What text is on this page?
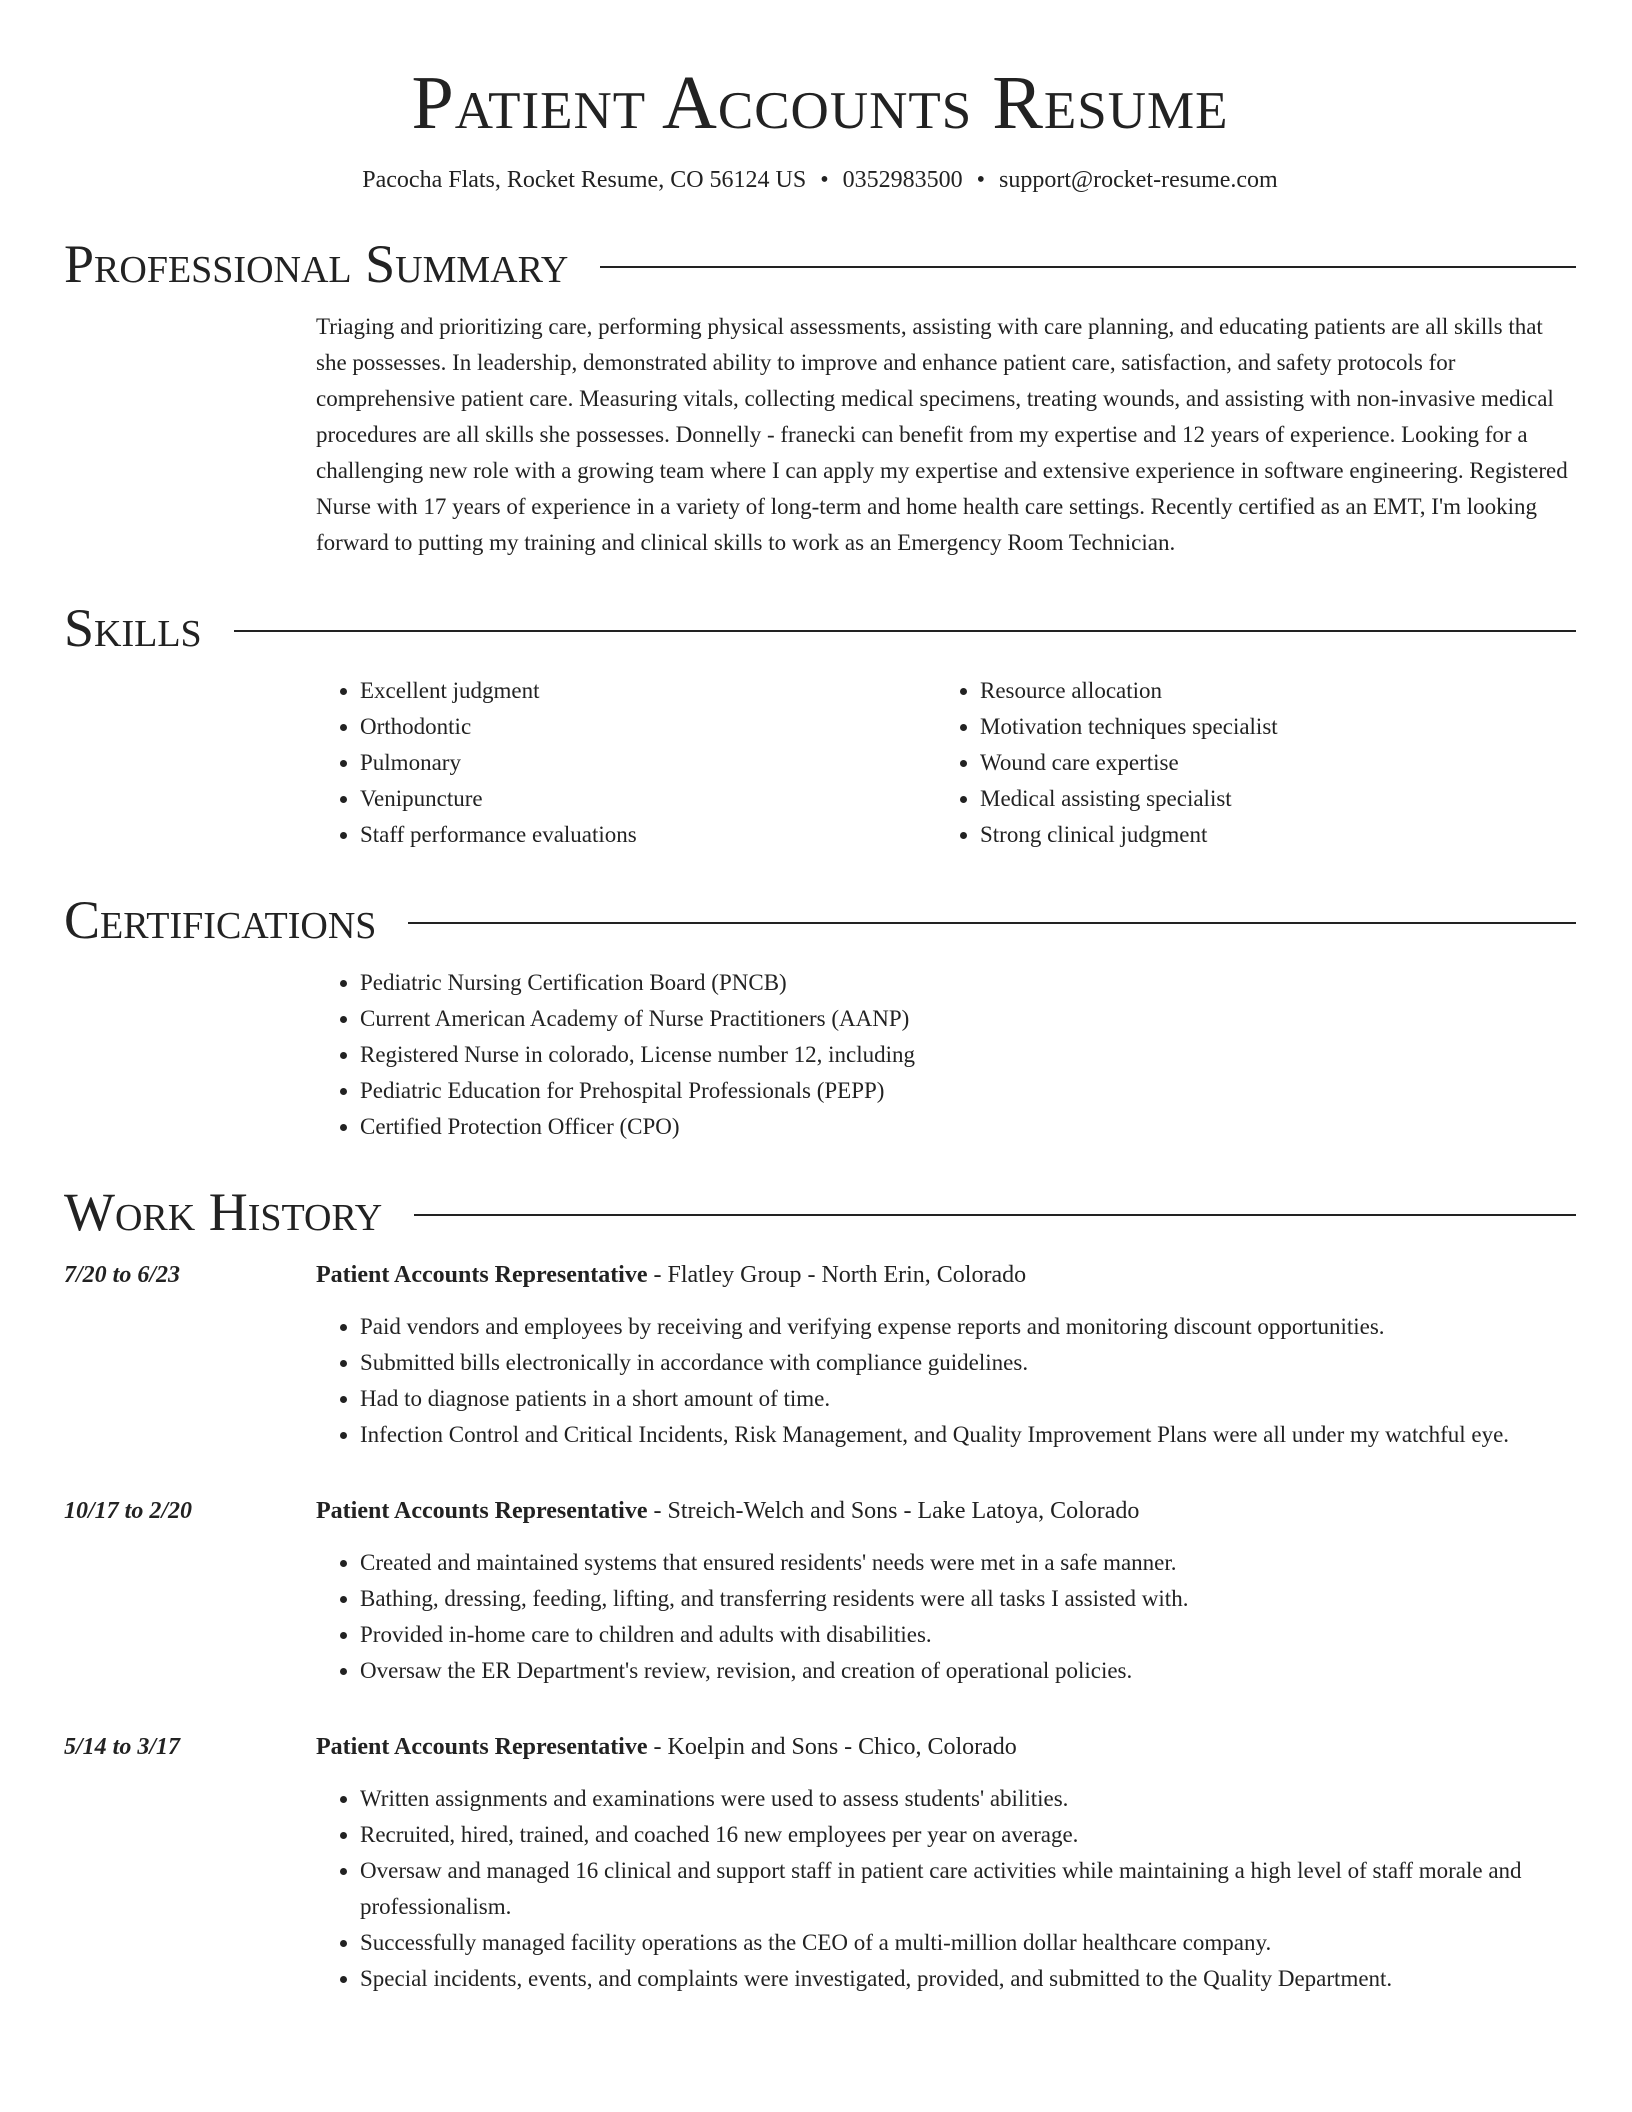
Patient Accounts Resume
Pacocha Flats, Rocket Resume, CO 56124 US • 0352983500 • support@rocket-resume.com
Professional Summary

Triaging and prioritizing care, performing physical assessments, assisting with care planning, and educating patients are all skills that she possesses. In leadership, demonstrated ability to improve and enhance patient care, satisfaction, and safety protocols for comprehensive patient care. Measuring vitals, collecting medical specimens, treating wounds, and assisting with non-invasive medical procedures are all skills she possesses. Donnelly - franecki can benefit from my expertise and 12 years of experience. Looking for a challenging new role with a growing team where I can apply my expertise and extensive experience in software engineering. Registered Nurse with 17 years of experience in a variety of long-term and home health care settings. Recently certified as an EMT, I'm looking forward to putting my training and clinical skills to work as an Emergency Room Technician.

Skills
• Excellent judgment
• Orthodontic
• Pulmonary
• Venipuncture
• Staff performance evaluations
• Resource allocation
• Motivation techniques specialist
• Wound care expertise
• Medical assisting specialist
• Strong clinical judgment
Certifications
• Pediatric Nursing Certification Board (PNCB)
• Current American Academy of Nurse Practitioners (AANP)
• Registered Nurse in colorado, License number 12, including
• Pediatric Education for Prehospital Professionals (PEPP)
• Certified Protection Officer (CPO)
Work History
7/20 to 6/23	Patient Accounts Representative - Flatley Group - North Erin, Colorado
• Paid vendors and employees by receiving and verifying expense reports and monitoring discount opportunities.
• Submitted bills electronically in accordance with compliance guidelines.
• Had to diagnose patients in a short amount of time.
• Infection Control and Critical Incidents, Risk Management, and Quality Improvement Plans were all under my watchful eye.
10/17 to 2/20	Patient Accounts Representative - Streich-Welch and Sons - Lake Latoya, Colorado
• Created and maintained systems that ensured residents' needs were met in a safe manner.
• Bathing, dressing, feeding, lifting, and transferring residents were all tasks I assisted with.
• Provided in-home care to children and adults with disabilities.
• Oversaw the ER Department's review, revision, and creation of operational policies.
5/14 to 3/17	Patient Accounts Representative - Koelpin and Sons - Chico, Colorado
• Written assignments and examinations were used to assess students' abilities.
• Recruited, hired, trained, and coached 16 new employees per year on average.
• Oversaw and managed 16 clinical and support staff in patient care activities while maintaining a high level of staff morale and professionalism.
• Successfully managed facility operations as the CEO of a multi-million dollar healthcare company.
• Special incidents, events, and complaints were investigated, provided, and submitted to the Quality Department.
